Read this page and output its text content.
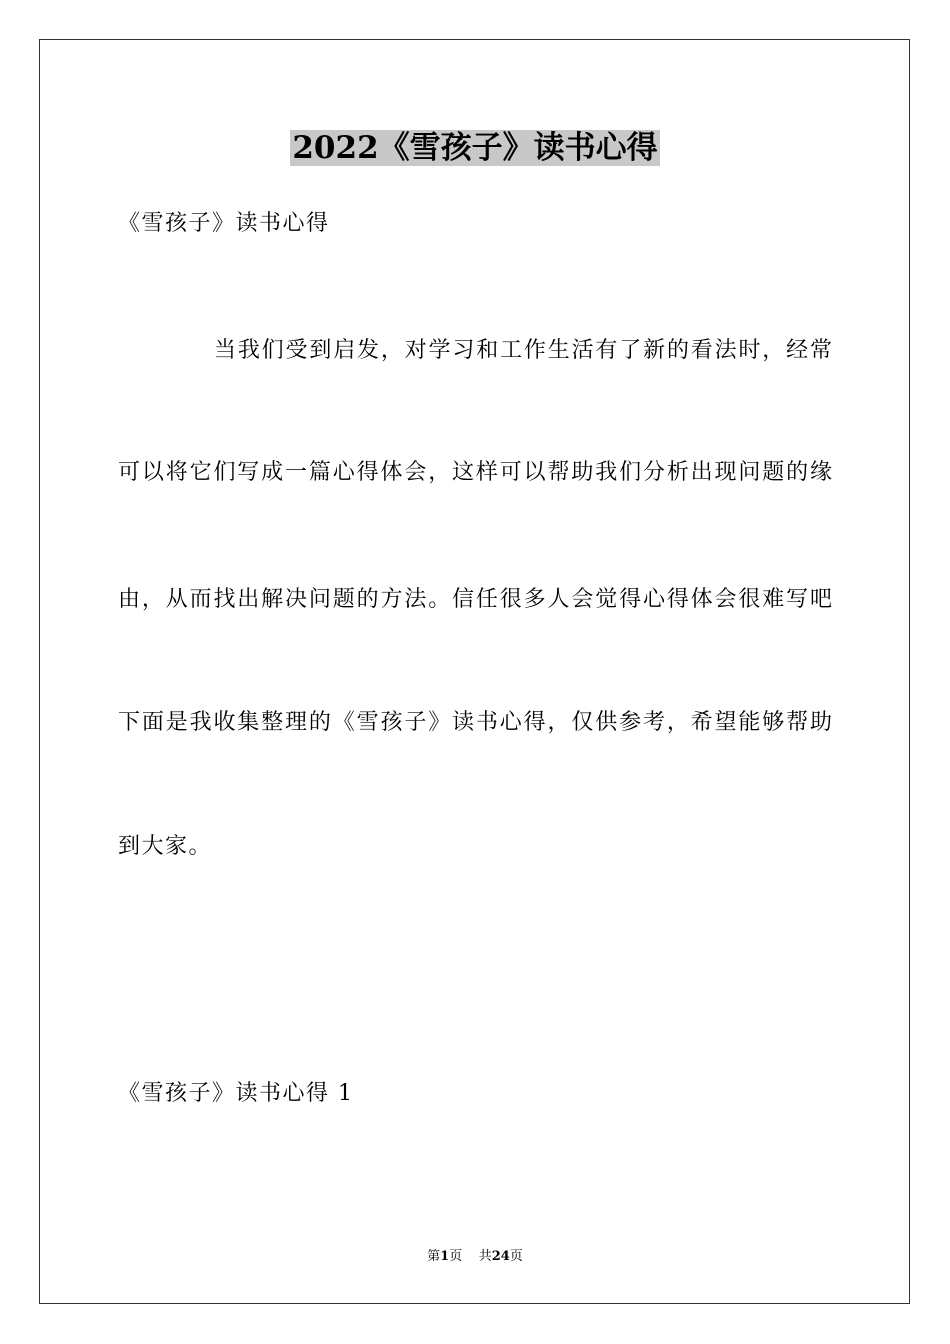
2022《雪孩子》读书心得
《雪孩子》读书心得
当我们受到启发，对学习和工作生活有了新的看法时，经常
可以将它们写成一篇心得体会，这样可以帮助我们分析出现问题的缘
由，从而找出解决问题的方法。信任很多人会觉得心得体会很难写吧
下面是我收集整理的《雪孩子》读书心得，仅供参考，希望能够帮助
到大家。
《雪孩子》读书心得 1
第1页 共24页
